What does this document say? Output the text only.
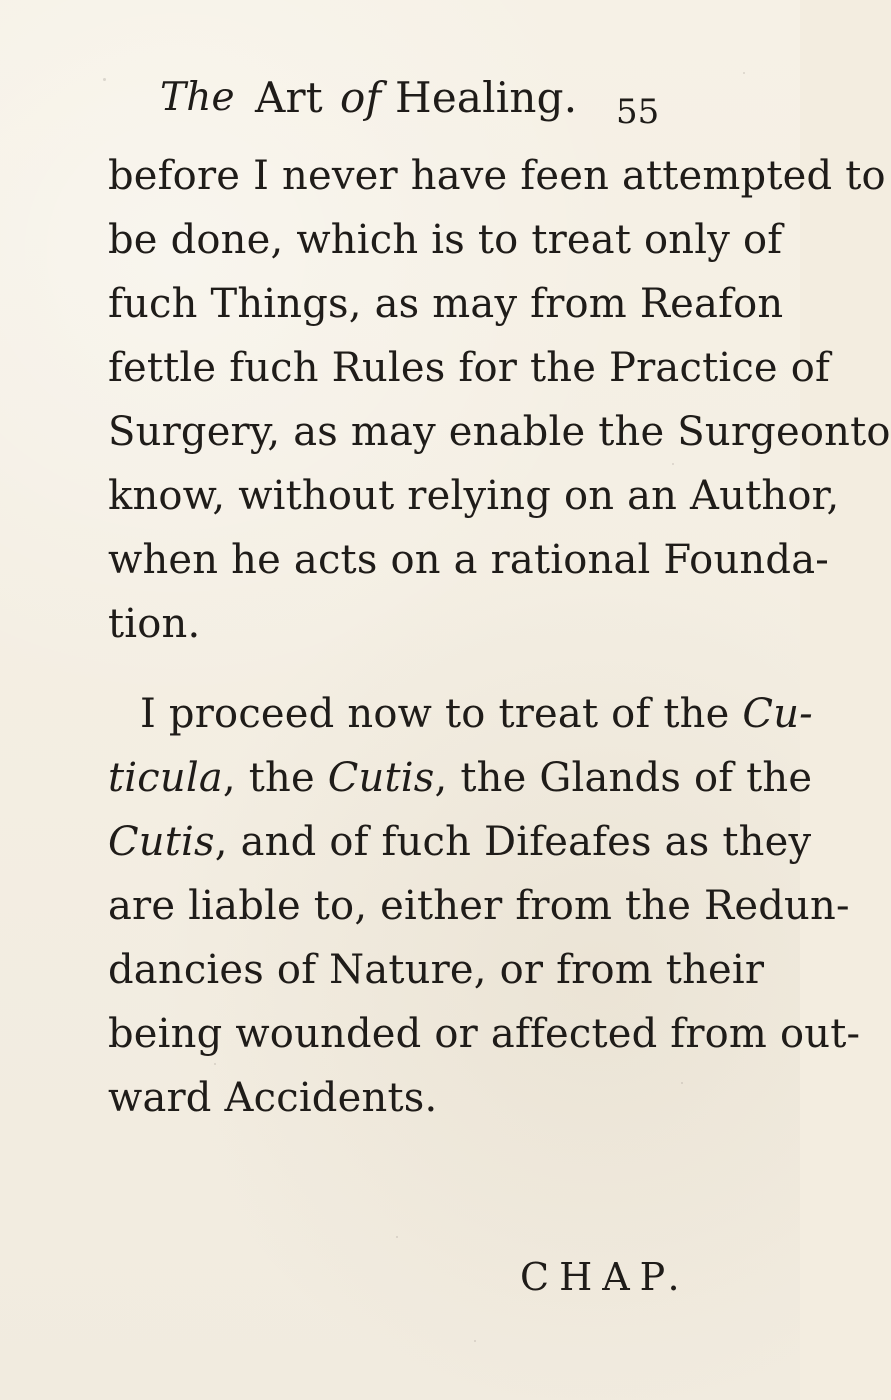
The Art of Healing. 55
before I never have feen attempted to
be done, which is to treat only of
fuch Things, as may from Reafon
fettle fuch Rules for the Practice of
Surgery, as may enable the Surgeonto
know, without relying on an Author,
when he acts on a rational Founda-
tion.
I proceed now to treat of the Cu-
ticula, the Cutis, the Glands of the
Cutis, and of fuch Difeafes as they
are liable to, either from the Redun-
dancies of Nature, or from their
being wounded or affected from out-
ward Accidents.
CHAP.
